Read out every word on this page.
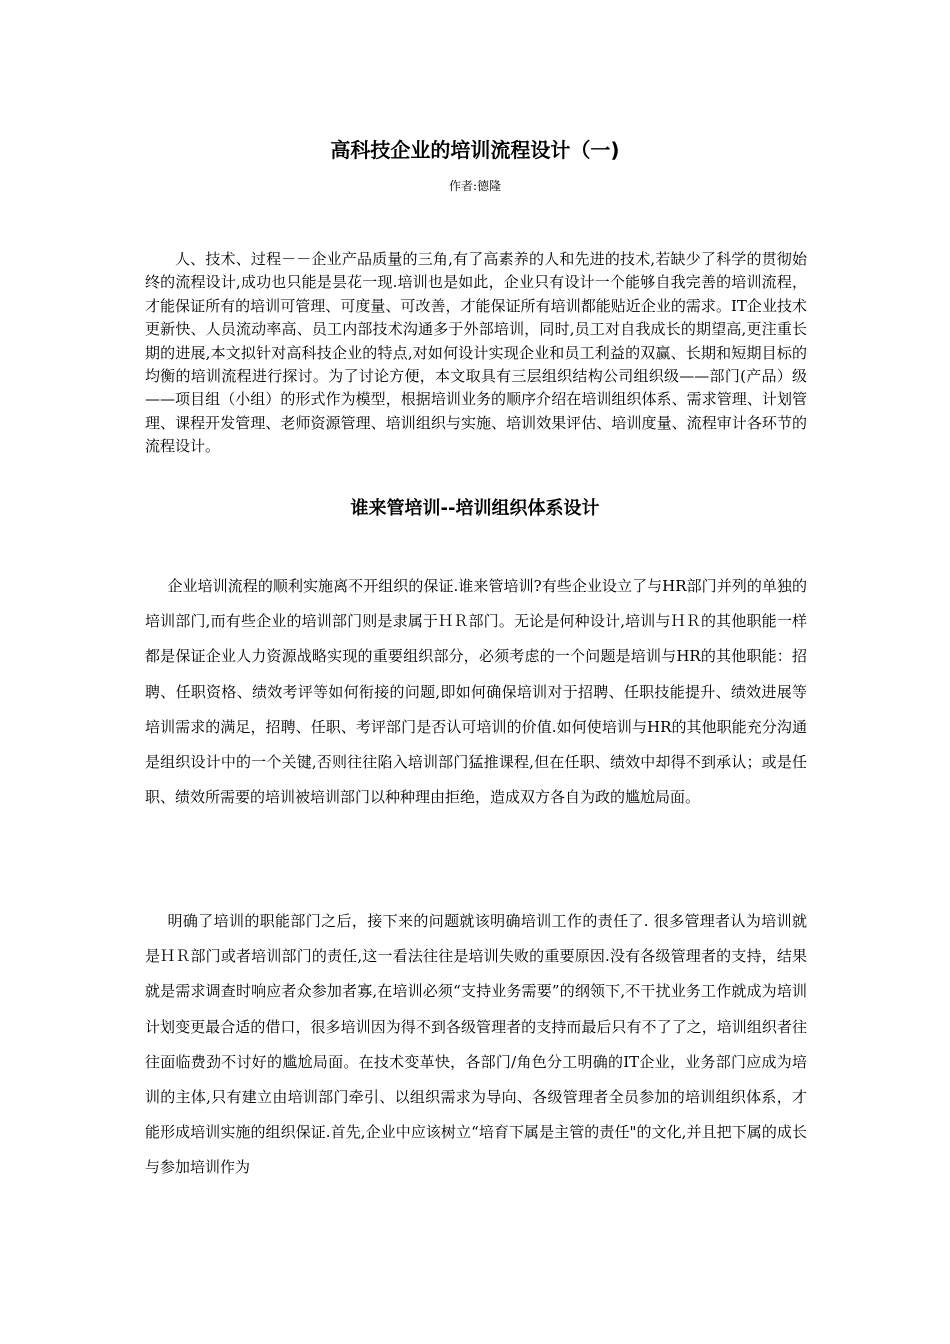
高科技企业的培训流程设计（一)

作者:德隆

人、技术、过程－－企业产品质量的三角,有了高素养的人和先进的技术,若缺少了科学的贯彻始终的流程设计,成功也只能是昙花一现.培训也是如此，企业只有设计一个能够自我完善的培训流程，才能保证所有的培训可管理、可度量、可改善，才能保证所有培训都能贴近企业的需求。IT企业技术更新快、人员流动率高、员工内部技术沟通多于外部培训，同时,员工对自我成长的期望高,更注重长期的进展,本文拟针对高科技企业的特点,对如何设计实现企业和员工利益的双赢、长期和短期目标的均衡的培训流程进行探讨。为了讨论方便，本文取具有三层组织结构公司组织级——部门(产品）级——项目组（小组）的形式作为模型，根据培训业务的顺序介绍在培训组织体系、需求管理、计划管理、课程开发管理、老师资源管理、培训组织与实施、培训效果评估、培训度量、流程审计各环节的流程设计。

谁来管培训--培训组织体系设计

企业培训流程的顺利实施离不开组织的保证.谁来管培训?有些企业设立了与HR部门并列的单独的培训部门,而有些企业的培训部门则是隶属于ＨＲ部门。无论是何种设计,培训与ＨＲ的其他职能一样都是保证企业人力资源战略实现的重要组织部分，必须考虑的一个问题是培训与HR的其他职能：招聘、任职资格、绩效考评等如何衔接的问题,即如何确保培训对于招聘、任职技能提升、绩效进展等培训需求的满足，招聘、任职、考评部门是否认可培训的价值.如何使培训与HR的其他职能充分沟通是组织设计中的一个关键,否则往往陷入培训部门猛推课程,但在任职、绩效中却得不到承认；或是任职、绩效所需要的培训被培训部门以种种理由拒绝，造成双方各自为政的尴尬局面。

明确了培训的职能部门之后，接下来的问题就该明确培训工作的责任了. 很多管理者认为培训就是ＨＲ部门或者培训部门的责任,这一看法往往是培训失败的重要原因.没有各级管理者的支持，结果就是需求调查时响应者众参加者寡,在培训必须“支持业务需要”的纲领下,不干扰业务工作就成为培训计划变更最合适的借口，很多培训因为得不到各级管理者的支持而最后只有不了了之，培训组织者往往面临费劲不讨好的尴尬局面。在技术变革快，各部门/角色分工明确的IT企业，业务部门应成为培训的主体,只有建立由培训部门牵引、以组织需求为导向、各级管理者全员参加的培训组织体系，才能形成培训实施的组织保证.首先,企业中应该树立“培育下属是主管的责任"的文化,并且把下属的成长与参加培训作为
